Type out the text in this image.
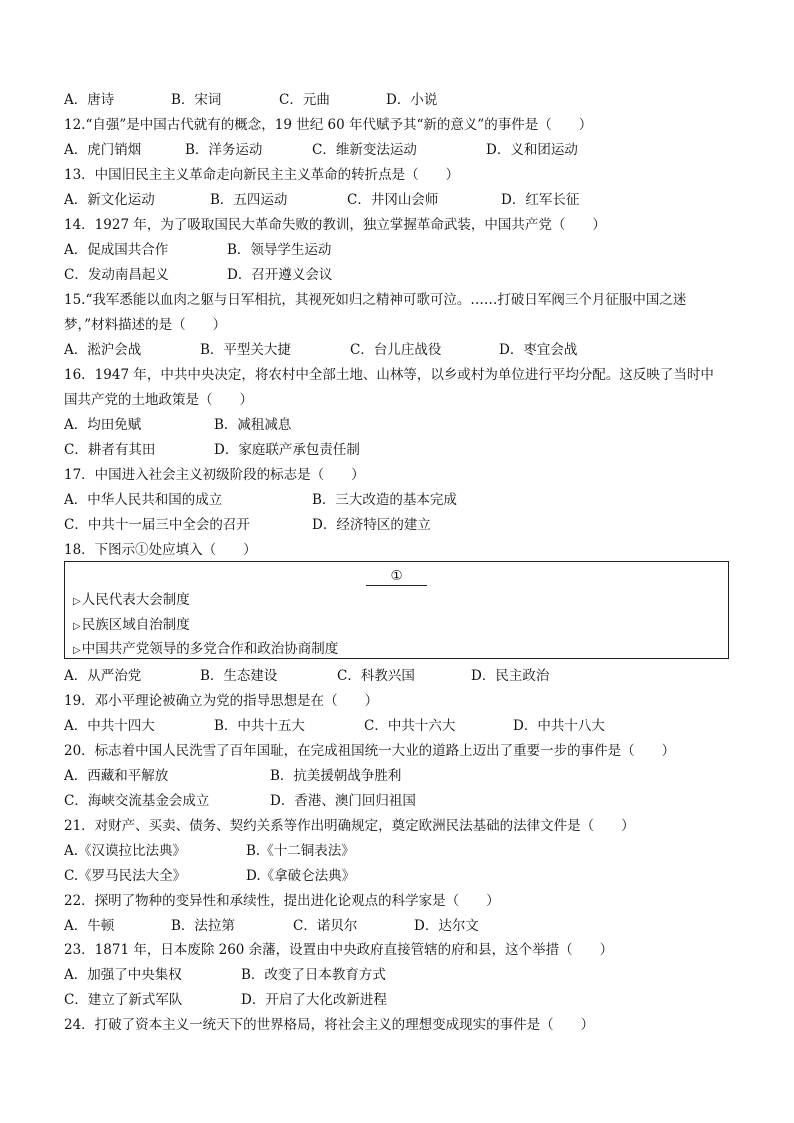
A．唐诗	B．宋词	C．元曲	D．小说
12.“自强”是中国古代就有的概念，19 世纪 60 年代赋予其“新的意义”的事件是（　　）
A．虎门销烟	B．洋务运动	C．维新变法运动	D．义和团运动
13．中国旧民主主义革命走向新民主主义革命的转折点是（　　）
A．新文化运动	B．五四运动	C．井冈山会师	D．红军长征
14．1927 年，为了吸取国民大革命失败的教训，独立掌握革命武装，中国共产党（　　）
A．促成国共合作	B．领导学生运动
C．发动南昌起义	D．召开遵义会议
15.“我军悉能以血肉之躯与日军相抗，其视死如归之精神可歌可泣。……打破日军阀三个月征服中国之迷
梦，”材料描述的是（　　）
A．淞沪会战	B．平型关大捷	C．台儿庄战役	D．枣宜会战
16．1947 年，中共中央决定，将农村中全部土地、山林等，以乡或村为单位进行平均分配。这反映了当时中
国共产党的土地政策是（　　）
A．均田免赋	B．减租减息
C．耕者有其田	D．家庭联产承包责任制
17．中国进入社会主义初级阶段的标志是（　　）
A．中华人民共和国的成立	B．三大改造的基本完成
C．中共十一届三中全会的召开	D．经济特区的建立
18．下图示①处应填入（　　）
①
▷人民代表大会制度
▷民族区域自治制度
▷中国共产党领导的多党合作和政治协商制度
A．从严治党	B．生态建设	C．科教兴国	D．民主政治
19．邓小平理论被确立为党的指导思想是在（　　）
A．中共十四大	B．中共十五大	C．中共十六大	D．中共十八大
20．标志着中国人民洗雪了百年国耻，在完成祖国统一大业的道路上迈出了重要一步的事件是（　　）
A．西藏和平解放	B．抗美援朝战争胜利
C．海峡交流基金会成立	D．香港、澳门回归祖国
21．对财产、买卖、债务、契约关系等作出明确规定，奠定欧洲民法基础的法律文件是（　　）
A.《汉谟拉比法典》	B.《十二铜表法》
C.《罗马民法大全》	D.《拿破仑法典》
22．探明了物种的变异性和承续性，提出进化论观点的科学家是（　　）
A．牛顿	B．法拉第	C．诺贝尔	D．达尔文
23．1871 年，日本废除 260 余藩，设置由中央政府直接管辖的府和县，这个举措（　　）
A．加强了中央集权	B．改变了日本教育方式
C．建立了新式军队	D．开启了大化改新进程
24．打破了资本主义一统天下的世界格局，将社会主义的理想变成现实的事件是（　　）
